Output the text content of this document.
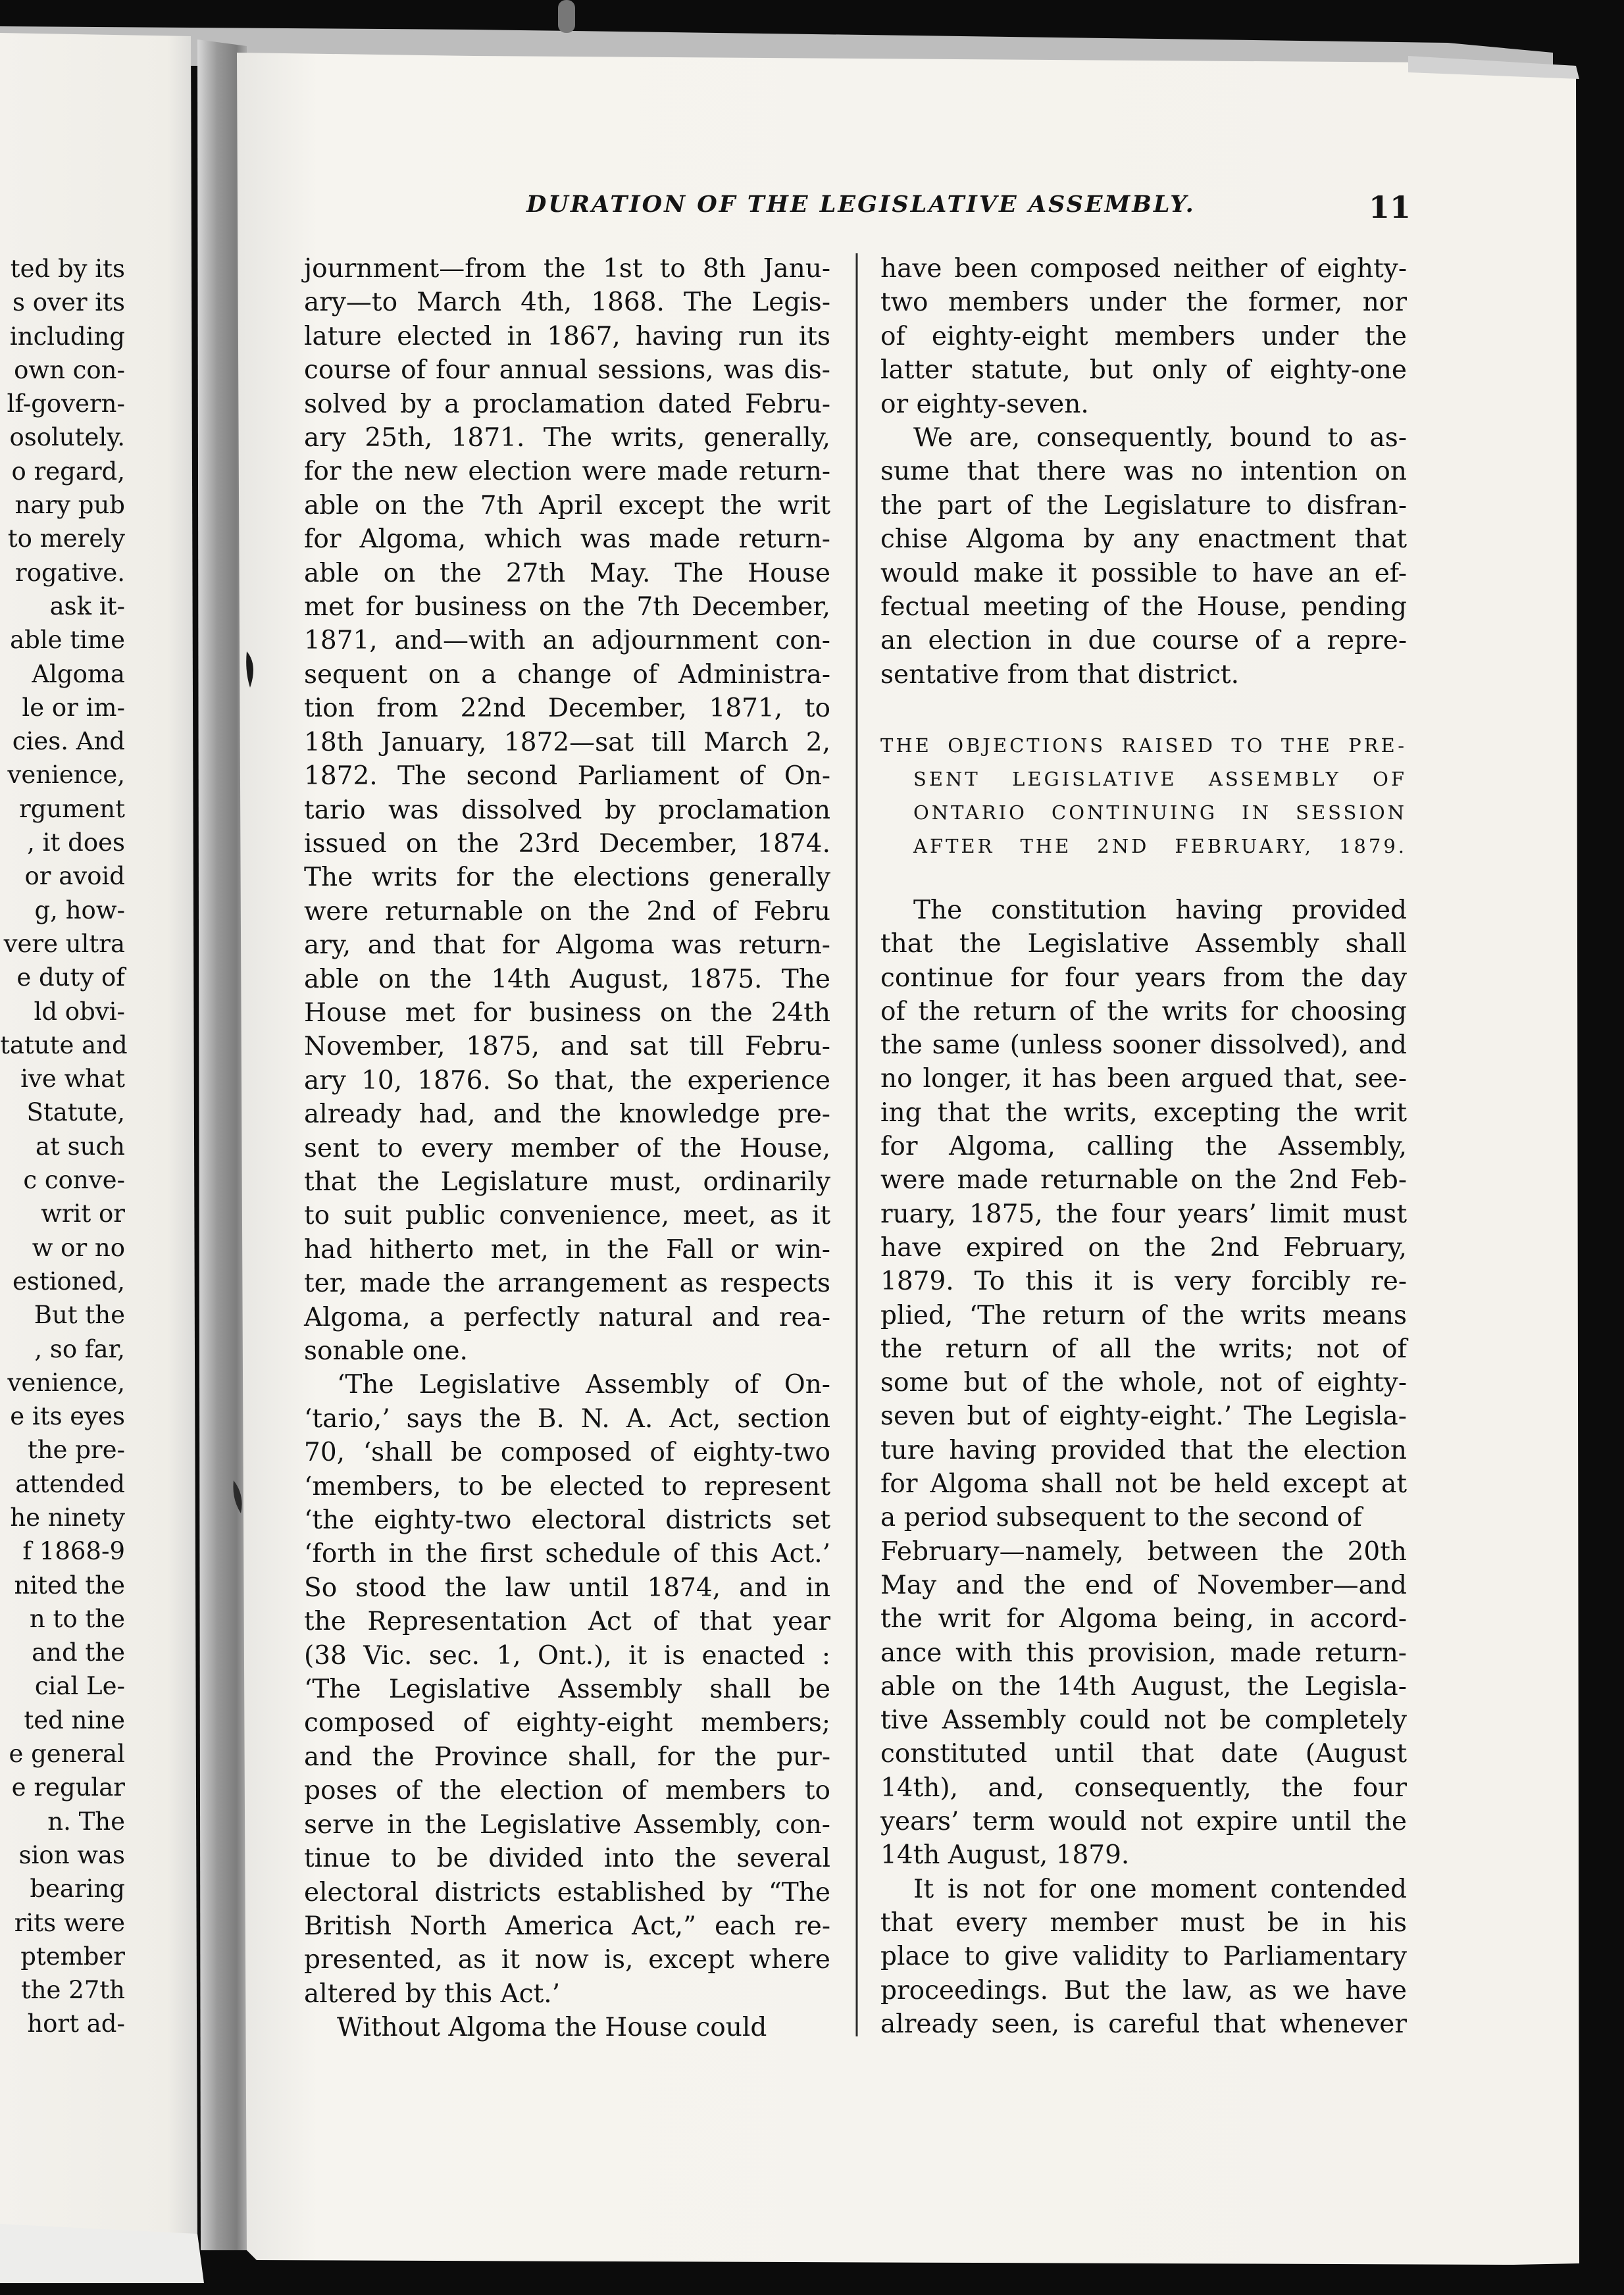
ted by its
s over its
including
own con-
lf-govern-
osolutely.
o regard,
nary pub
to merely
rogative.
ask it-
able time
Algoma
le or im-
cies. And
venience,
rgument
, it does
or avoid
g, how-
vere ultra
e duty of
ld obvi-
tatute and
ive what
Statute,
at such
c conve-
writ or
w or no
estioned,
But the
, so far,
venience,
e its eyes
the pre-
attended
he ninety
f 1868-9
nited the
n to the
and the
cial Le-
ted nine
e general
e regular
n. The
sion was
bearing
rits were
ptember
the 27th
hort ad-
DURATION OF THE LEGISLATIVE ASSEMBLY.	11
journment—from the 1st to 8th Janu-
ary—to March 4th, 1868. The Legis-
lature elected in 1867, having run its
course of four annual sessions, was dis-
solved by a proclamation dated Febru-
ary 25th, 1871. The writs, generally,
for the new election were made return-
able on the 7th April except the writ
for Algoma, which was made return-
able on the 27th May. The House
met for business on the 7th December,
1871, and—with an adjournment con-
sequent on a change of Administra-
tion from 22nd December, 1871, to
18th January, 1872—sat till March 2,
1872. The second Parliament of On-
tario was dissolved by proclamation
issued on the 23rd December, 1874.
The writs for the elections generally
were returnable on the 2nd of Febru
ary, and that for Algoma was return-
able on the 14th August, 1875. The
House met for business on the 24th
November, 1875, and sat till Febru-
ary 10, 1876. So that, the experience
already had, and the knowledge pre-
sent to every member of the House,
that the Legislature must, ordinarily
to suit public convenience, meet, as it
had hitherto met, in the Fall or win-
ter, made the arrangement as respects
Algoma, a perfectly natural and rea-
sonable one.
‘The Legislative Assembly of On-
‘tario,’ says the B. N. A. Act, section
70, ‘shall be composed of eighty-two
‘members, to be elected to represent
‘the eighty-two electoral districts set
‘forth in the first schedule of this Act.’
So stood the law until 1874, and in
the Representation Act of that year
(38 Vic. sec. 1, Ont.), it is enacted :
‘The Legislative Assembly shall be
composed of eighty-eight members;
and the Province shall, for the pur-
poses of the election of members to
serve in the Legislative Assembly, con-
tinue to be divided into the several
electoral districts established by “The
British North America Act,” each re-
presented, as it now is, except where
altered by this Act.’
Without Algoma the House could
have been composed neither of eighty-
two members under the former, nor
of eighty-eight members under the
latter statute, but only of eighty-one
or eighty-seven.
We are, consequently, bound to as-
sume that there was no intention on
the part of the Legislature to disfran-
chise Algoma by any enactment that
would make it possible to have an ef-
fectual meeting of the House, pending
an election in due course of a repre-
sentative from that district.
THE OBJECTIONS RAISED TO THE PRE-
SENT LEGISLATIVE ASSEMBLY OF
ONTARIO CONTINUING IN SESSION
AFTER THE 2ND FEBRUARY, 1879.
The constitution having provided
that the Legislative Assembly shall
continue for four years from the day
of the return of the writs for choosing
the same (unless sooner dissolved), and
no longer, it has been argued that, see-
ing that the writs, excepting the writ
for Algoma, calling the Assembly,
were made returnable on the 2nd Feb-
ruary, 1875, the four years’ limit must
have expired on the 2nd February,
1879. To this it is very forcibly re-
plied, ‘The return of the writs means
the return of all the writs; not of
some but of the whole, not of eighty-
seven but of eighty-eight.’ The Legisla-
ture having provided that the election
for Algoma shall not be held except at
a period subsequent to the second of
February—namely, between the 20th
May and the end of November—and
the writ for Algoma being, in accord-
ance with this provision, made return-
able on the 14th August, the Legisla-
tive Assembly could not be completely
constituted until that date (August
14th), and, consequently, the four
years’ term would not expire until the
14th August, 1879.
It is not for one moment contended
that every member must be in his
place to give validity to Parliamentary
proceedings. But the law, as we have
already seen, is careful that whenever
